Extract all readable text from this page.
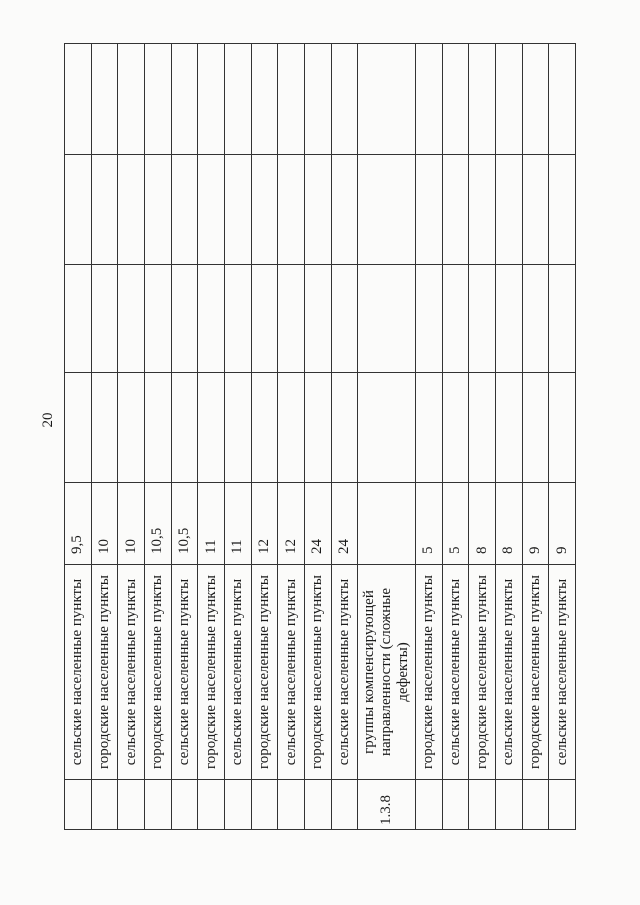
20
	сельские населенные пункты	9,5				
	городские населенные пункты	10				
	сельские населенные пункты	10				
	городские населенные пункты	10,5				
	сельские населенные пункты	10,5				
	городские населенные пункты	11				
	сельские населенные пункты	11				
	городские населенные пункты	12				
	сельские населенные пункты	12				
	городские населенные пункты	24				
	сельские населенные пункты	24				
1.3.8	группы компенсирующей направленности (сложные дефекты)					
	городские населенные пункты	5				
	сельские населенные пункты	5				
	городские населенные пункты	8				
	сельские населенные пункты	8				
	городские населенные пункты	9				
	сельские населенные пункты	9				
